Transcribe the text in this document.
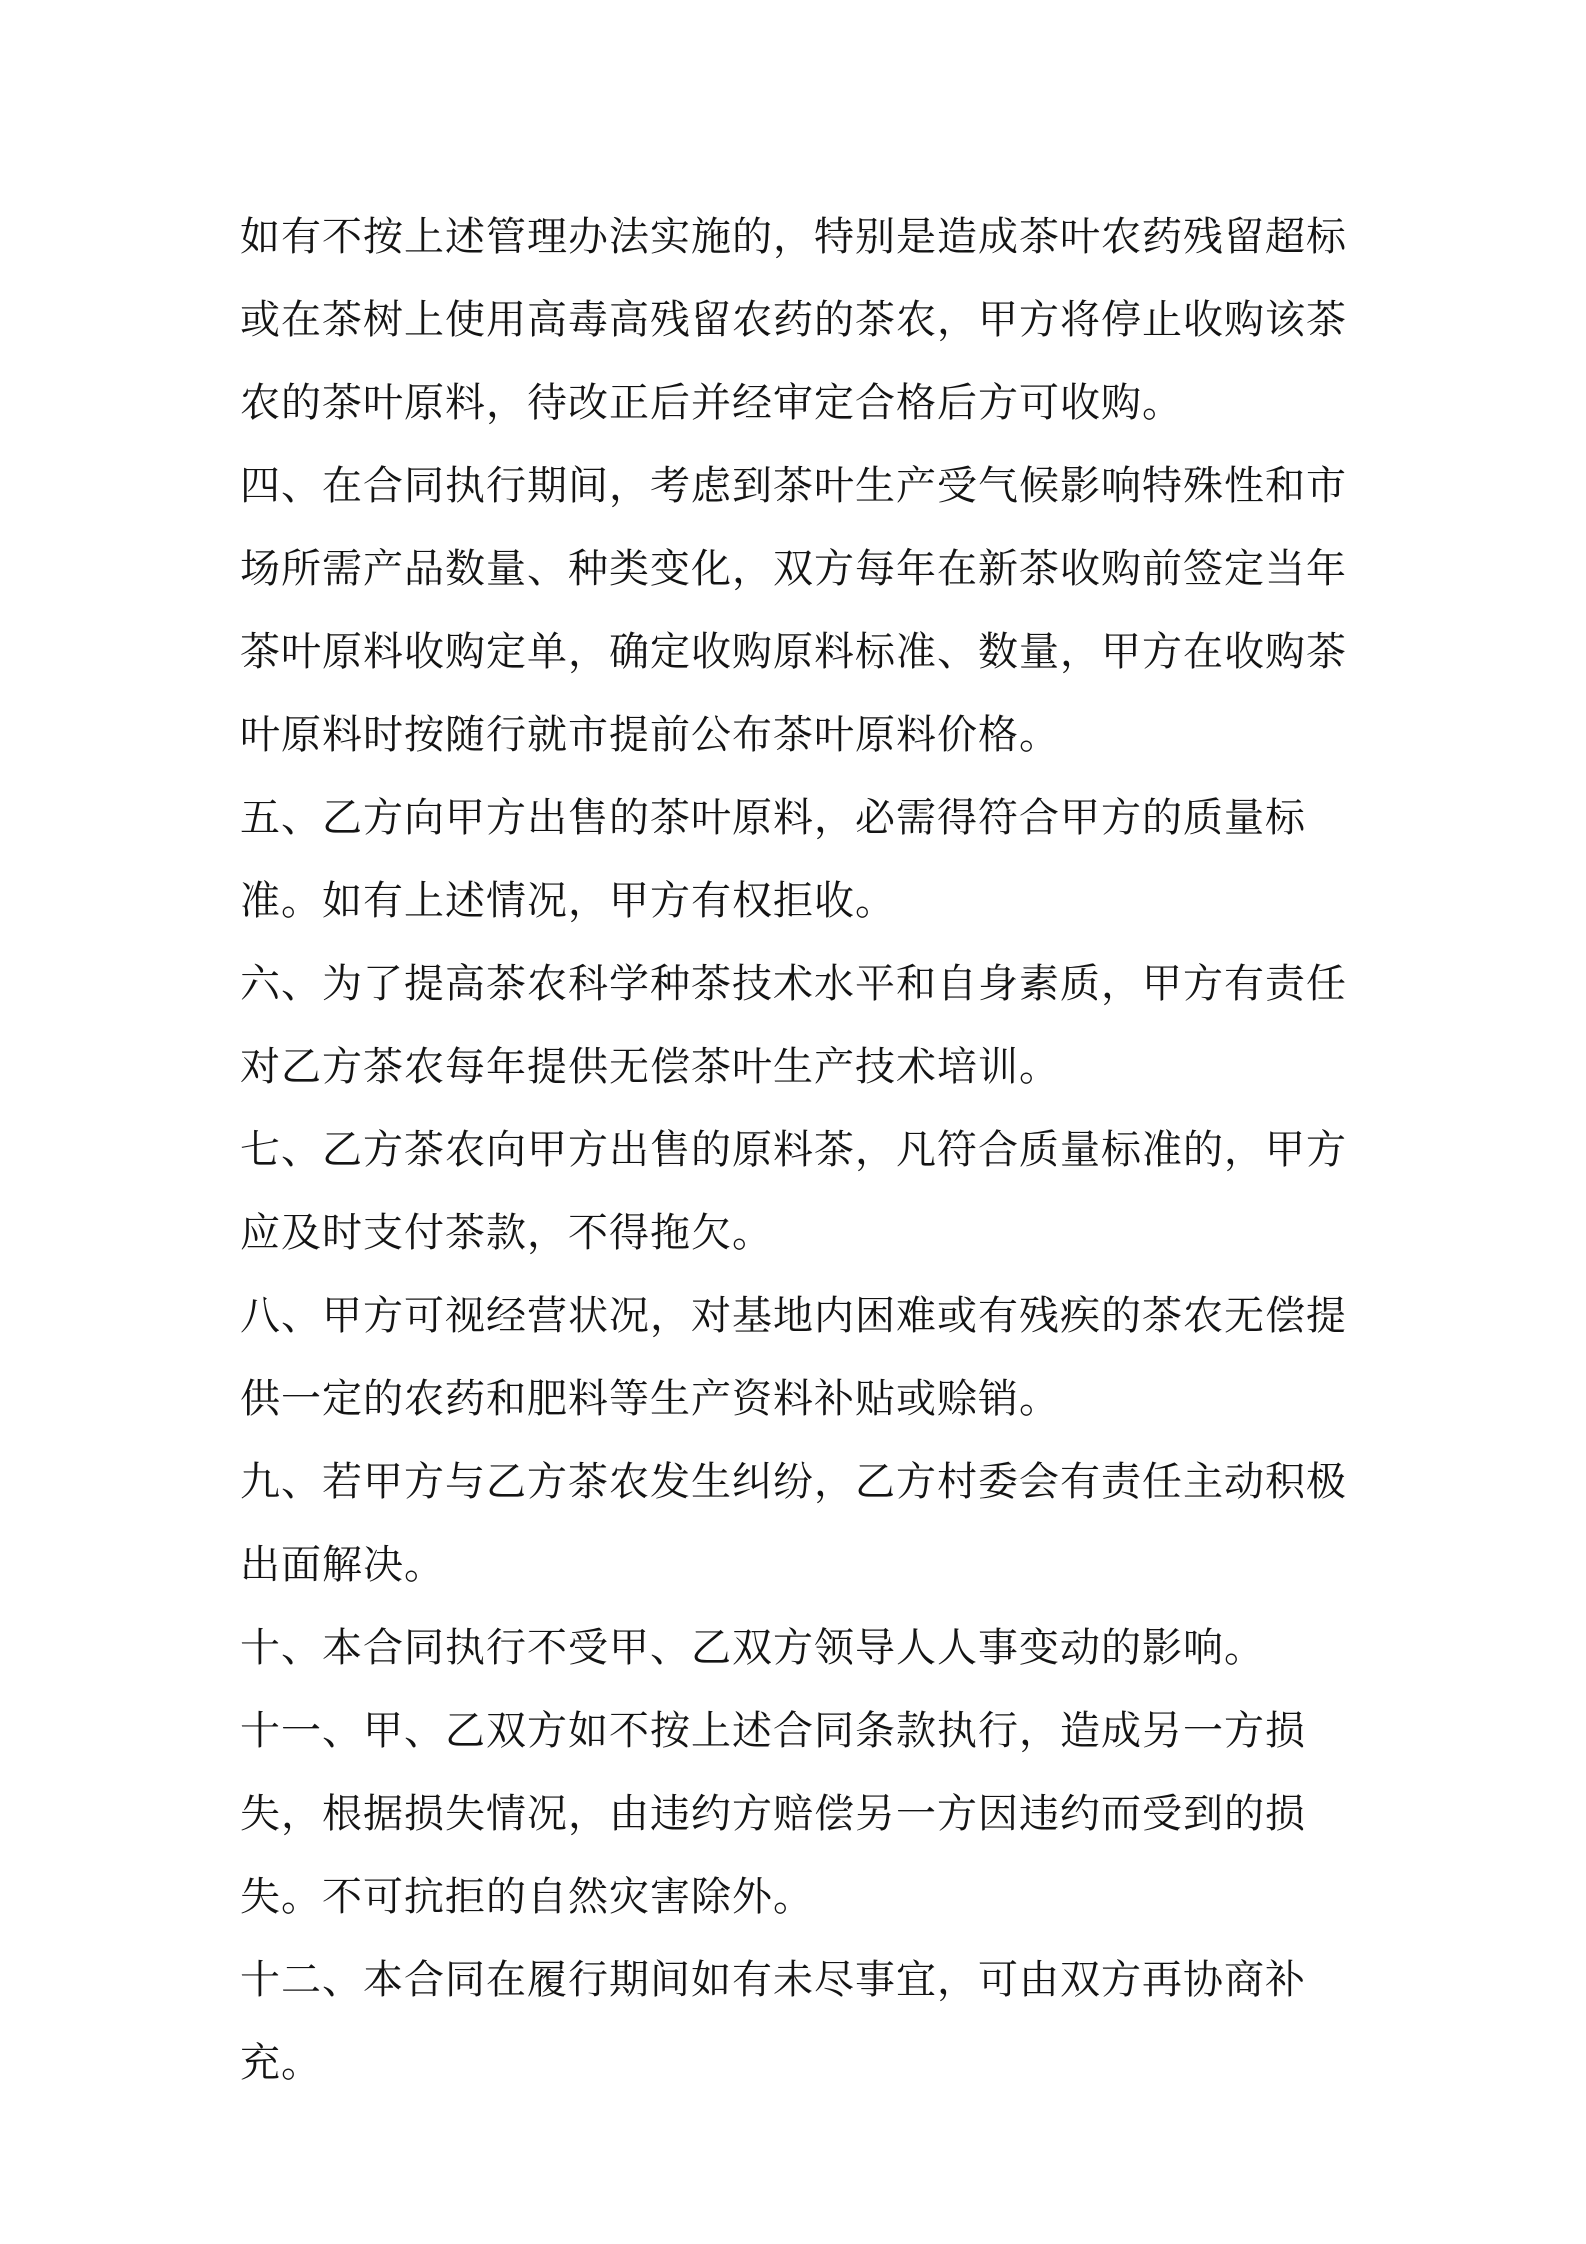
如有不按上述管理办法实施的，特别是造成茶叶农药残留超标或在茶树上使用高毒高残留农药的茶农，甲方将停止收购该茶农的茶叶原料，待改正后并经审定合格后方可收购。

四、在合同执行期间，考虑到茶叶生产受气候影响特殊性和市场所需产品数量、种类变化，双方每年在新茶收购前签定当年茶叶原料收购定单，确定收购原料标准、数量，甲方在收购茶叶原料时按随行就市提前公布茶叶原料价格。

五、乙方向甲方出售的茶叶原料，必需得符合甲方的质量标准。如有上述情况，甲方有权拒收。

六、为了提高茶农科学种茶技术水平和自身素质，甲方有责任对乙方茶农每年提供无偿茶叶生产技术培训。

七、乙方茶农向甲方出售的原料茶，凡符合质量标准的，甲方应及时支付茶款，不得拖欠。

八、甲方可视经营状况，对基地内困难或有残疾的茶农无偿提供一定的农药和肥料等生产资料补贴或赊销。

九、若甲方与乙方茶农发生纠纷，乙方村委会有责任主动积极出面解决。

十、本合同执行不受甲、乙双方领导人人事变动的影响。

十一、甲、乙双方如不按上述合同条款执行，造成另一方损失，根据损失情况，由违约方赔偿另一方因违约而受到的损失。不可抗拒的自然灾害除外。

十二、本合同在履行期间如有未尽事宜，可由双方再协商补充。
